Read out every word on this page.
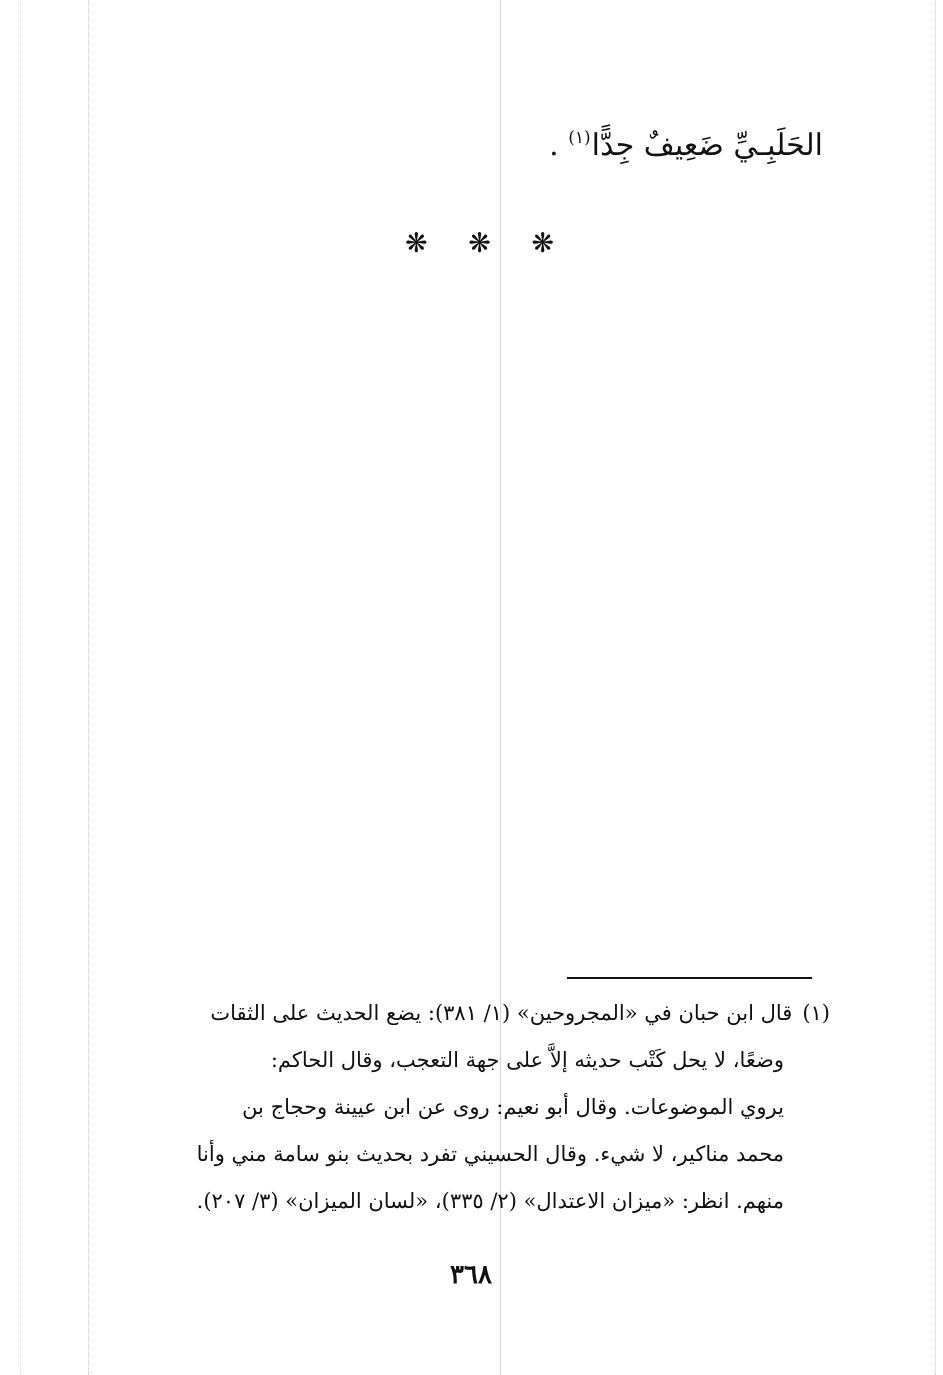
الحَلَبِـيِّ ضَعِيفٌ جِدًّا$^{(١)}$ .
❋ ❋ ❋
(١)قال ابن حبان في «المجروحين» (١/ ٣٨١): يضع الحديث على الثقات
وضعًا، لا يحل كَتْب حديثه إلاَّ على جهة التعجب، وقال الحاكم:
يروي الموضوعات. وقال أبو نعيم: روى عن ابن عيينة وحجاج بن
محمد مناكير، لا شيء. وقال الحسيني تفرد بحديث بنو سامة مني وأنا
منهم. انظر: «ميزان الاعتدال» (٢/ ٣٣٥)، «لسان الميزان» (٣/ ٢٠٧).
٣٦٨
